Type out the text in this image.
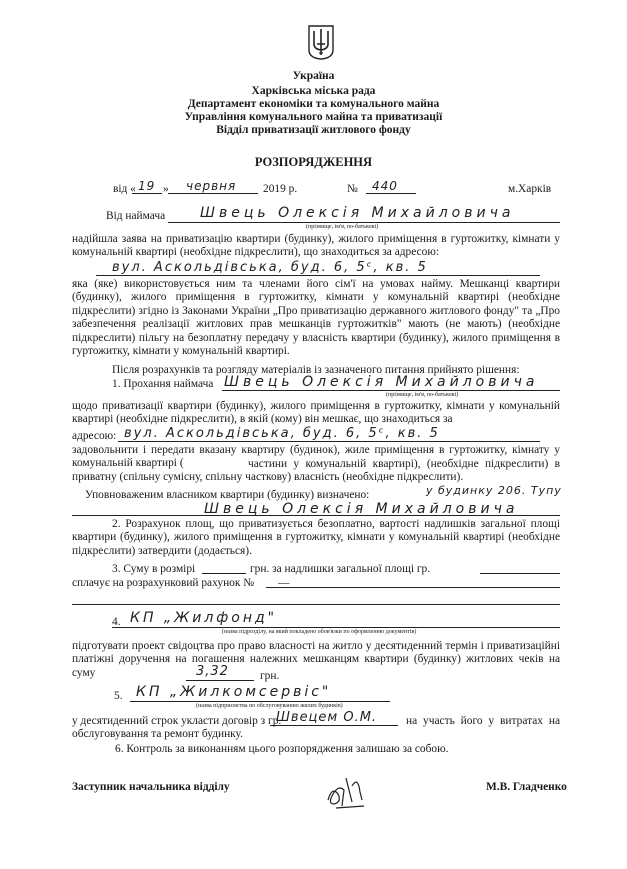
Україна
Харківська міська рада
Департамент економіки та комунального майна
Управління комунального майна та приватизації
Відділ приватизації житлового фонду
РОЗПОРЯДЖЕННЯ
від « 19 » червня 2019 р.	№ 440	м.Харків
Від наймача Швець Олексія Михайловича
(прізвище, ім'я, по-батькові)
надійшла заява на приватизацію квартири (будинку), жилого приміщення в гуртожитку, кімнати у комунальній квартирі (необхідне підкреслити), що знаходиться за адресою:
вул. Аскольдівська, буд. 6, 5ᶜ, кв. 5
яка (яке) використовується ним та членами його сім'ї на умовах найму. Мешканці квартири (будинку), жилого приміщення в гуртожитку, кімнати у комунальній квартирі (необхідне підкреслити) згідно із Законами України „Про приватизацію державного житлового фонду" та „Про забезпечення реалізації житлових прав мешканців гуртожитків" мають (не мають) (необхідне підкреслити) пільгу на безоплатну передачу у власність квартири (будинку), жилого приміщення в гуртожитку, кімнати у комунальній квартирі.
Після розрахунків та розгляду матеріалів із зазначеного питання прийнято рішення:
1. Прохання наймача Швець Олексія Михайловича
(прізвище, ім'я, по-батькові)
щодо приватизації квартири (будинку), жилого приміщення в гуртожитку, кімнати у комунальній квартирі (необхідне підкреслити), в якій (кому) він мешкає, що знаходиться за
адресою: вул. Аскольдівська, буд. 6, 5ᶜ, кв. 5
задовольнити і передати вказану квартиру (будинок), жиле приміщення в гуртожитку, кімнату у комунальній квартирі (	частини у комунальній квартирі), (необхідне підкреслити) в приватну (спільну сумісну, спільну часткову) власність (необхідне підкреслити).
Уповноваженим власником квартири (будинку) визначено:	у будинку 206. Тупу
Швець Олексія Михайловича
2. Розрахунок площ, що приватизується безоплатно, вартості надлишків загальної площі квартири (будинку), жилого приміщення в гуртожитку, кімнати у комунальній квартирі (необхідне підкреслити) затвердити (додається).
3. Суму в розмірі	грн. за надлишки загальної площі гр.
сплачує на розрахунковий рахунок № —
4. КП „Жилфонд"
(назва підрозділу, на який покладено обов'язки по оформленню документів)
підготувати проект свідоцтва про право власності на житло у десятиденний термін і приватизаційні платіжні доручення на погашення належних мешканцям квартири (будинку) житлових чеків на суму	3,32	грн.
5. КП „Жилкомсервіс"
(назва підприємства по обслуговуванню жилих будинків)
у десятиденний строк укласти договір з гр.
Швецем О.М.	на участь його у витратах на обслуговування та ремонт будинку.
6. Контроль за виконанням цього розпорядження залишаю за собою.
Заступник начальника відділу	М.В. Гладченко
